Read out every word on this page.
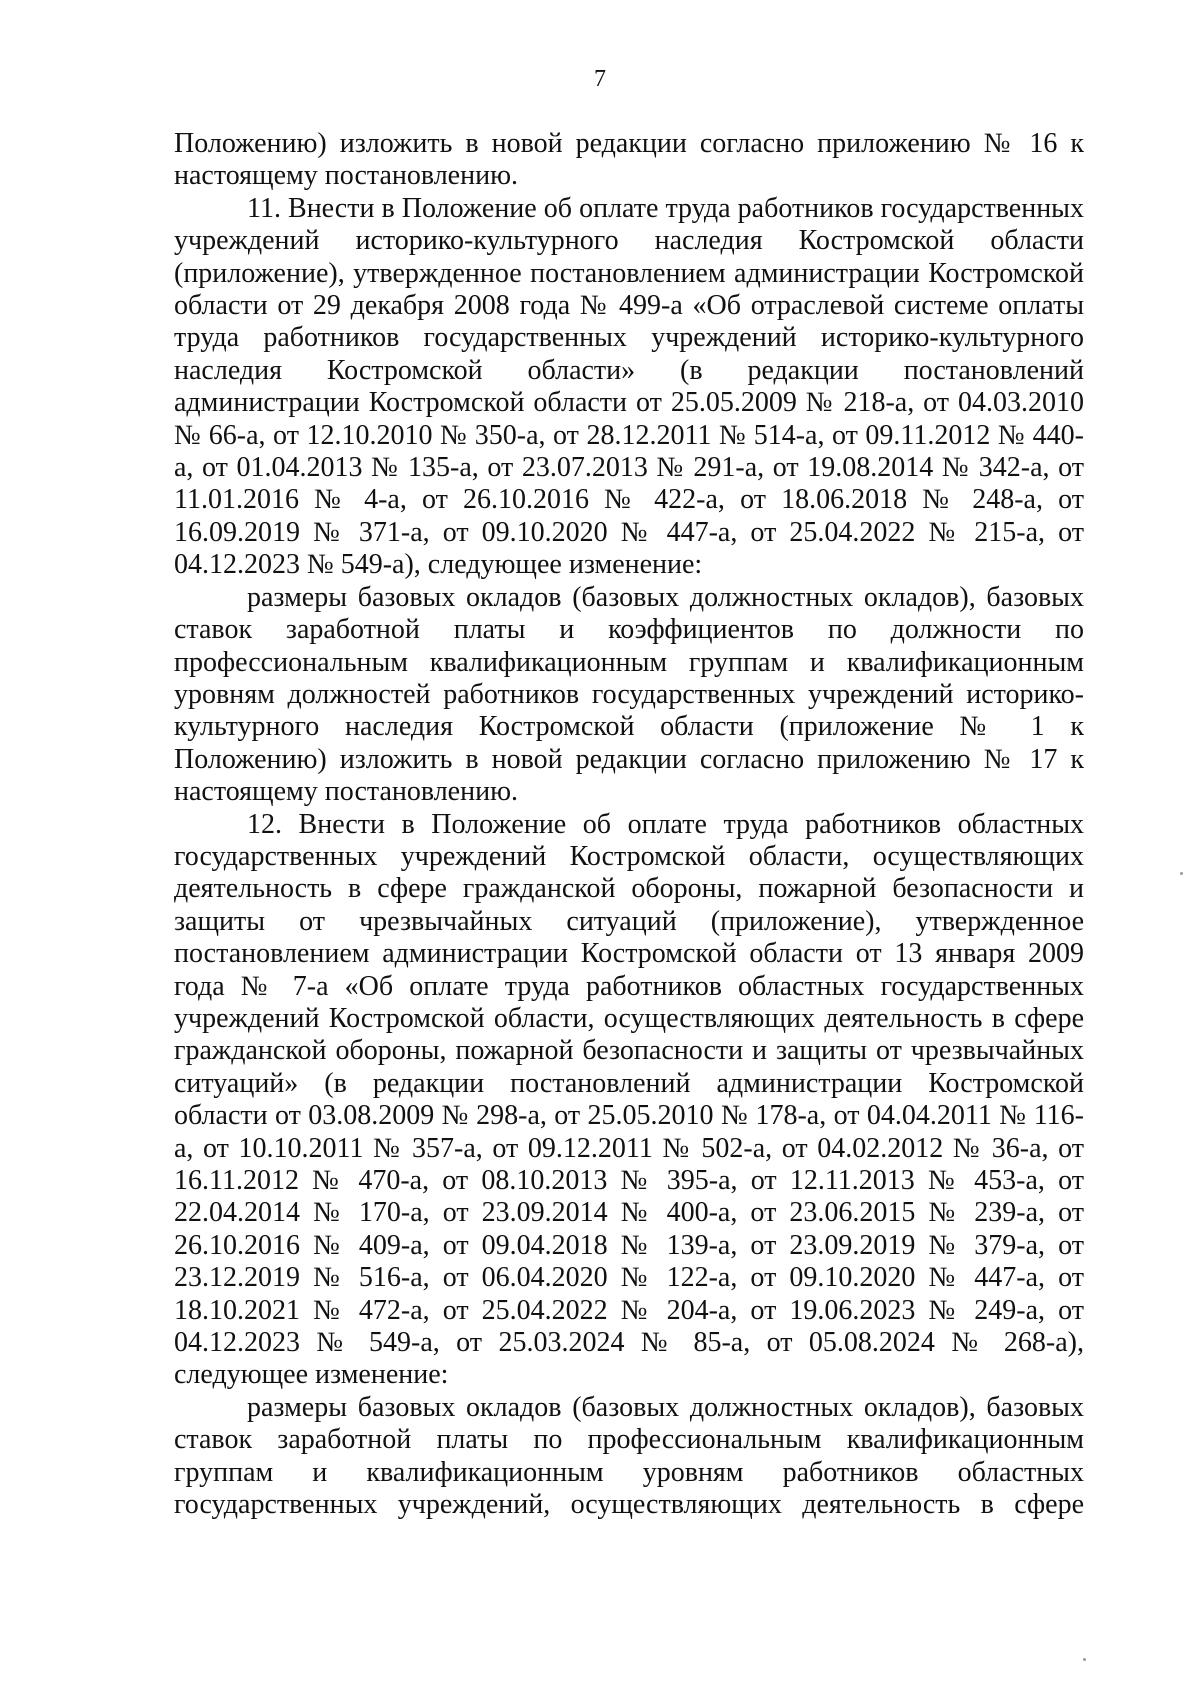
7

Положению) изложить в новой редакции согласно приложению № 16 к настоящему постановлению.

11. Внести в Положение об оплате труда работников государственных учреждений историко-культурного наследия Костромской области (приложение), утвержденное постановлением администрации Костромской области от 29 декабря 2008 года № 499-а «Об отраслевой системе оплаты труда работников государственных учреждений историко-культурного наследия Костромской области» (в редакции постановлений администрации Костромской области от 25.05.2009 № 218-а, от 04.03.2010 № 66-а, от 12.10.2010 № 350-а, от 28.12.2011 № 514-а, от 09.11.2012 № 440-а, от 01.04.2013 № 135-а, от 23.07.2013 № 291-а, от 19.08.2014 № 342-а, от 11.01.2016 № 4-а, от 26.10.2016 № 422-а, от 18.06.2018 № 248-а, от 16.09.2019 № 371-а, от 09.10.2020 № 447-а, от 25.04.2022 № 215-а, от 04.12.2023 № 549-а), следующее изменение:

размеры базовых окладов (базовых должностных окладов), базовых ставок заработной платы и коэффициентов по должности по профессиональным квалификационным группам и квалификационным уровням должностей работников государственных учреждений историко-культурного наследия Костромской области (приложение № 1 к Положению) изложить в новой редакции согласно приложению № 17 к настоящему постановлению.

12. Внести в Положение об оплате труда работников областных государственных учреждений Костромской области, осуществляющих деятельность в сфере гражданской обороны, пожарной безопасности и защиты от чрезвычайных ситуаций (приложение), утвержденное постановлением администрации Костромской области от 13 января 2009 года № 7-а «Об оплате труда работников областных государственных учреждений Костромской области, осуществляющих деятельность в сфере гражданской обороны, пожарной безопасности и защиты от чрезвычайных ситуаций» (в редакции постановлений администрации Костромской области от 03.08.2009 № 298-а, от 25.05.2010 № 178-а, от 04.04.2011 № 116-а, от 10.10.2011 № 357-а, от 09.12.2011 № 502-а, от 04.02.2012 № 36-а, от 16.11.2012 № 470-а, от 08.10.2013 № 395-а, от 12.11.2013 № 453-а, от 22.04.2014 № 170-а, от 23.09.2014 № 400-а, от 23.06.2015 № 239-а, от 26.10.2016 № 409-а, от 09.04.2018 № 139-а, от 23.09.2019 № 379-а, от 23.12.2019 № 516-а, от 06.04.2020 № 122-а, от 09.10.2020 № 447-а, от 18.10.2021 № 472-а, от 25.04.2022 № 204-а, от 19.06.2023 № 249-а, от 04.12.2023 № 549-а, от 25.03.2024 № 85-а, от 05.08.2024 № 268-а), следующее изменение:

размеры базовых окладов (базовых должностных окладов), базовых ставок заработной платы по профессиональным квалификационным группам и квалификационным уровням работников областных государственных учреждений, осуществляющих деятельность в сфере
